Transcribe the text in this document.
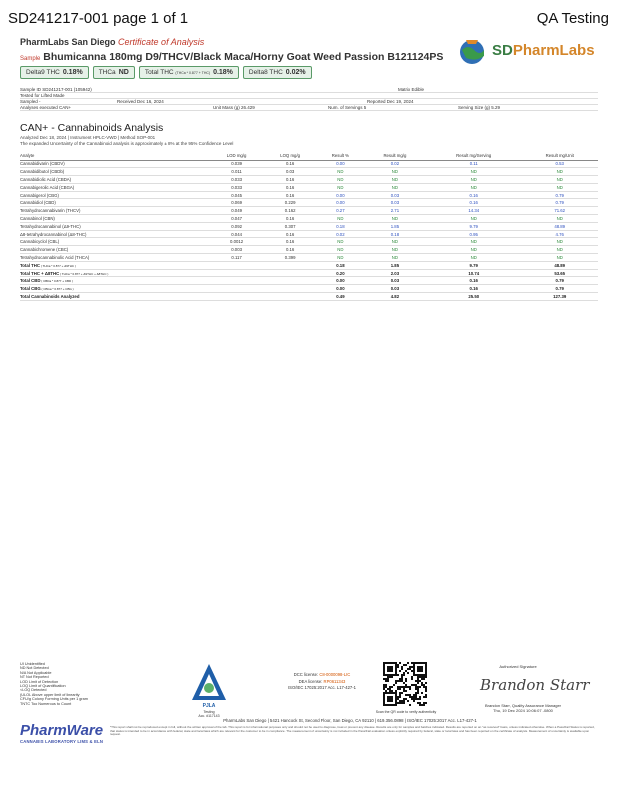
SD241217-001 page 1 of 1	QA Testing
PharmLabs San Diego Certificate of Analysis
Sample Bhumicanna 180mg D9/THCV/Black Maca/Horny Goat Weed Passion B121124PS	SDPharmLabs
Delta9 THC 0.18%	THCa ND	Total THC (THCa * 0.877 + THC) 0.18%	Delta8 THC 0.02%
Sample ID SD241217-001 (105942)	Matrix Edible
Tested for Lifted Made
Sampled -	Received Dec 16, 2024	Reported Dec 19, 2024
Analyses executed CAN+	Unit Mass (g) 26.429	Num. of Servings 5	Serving Size (g) 5.29
CAN+ - Cannabinoids Analysis
Analyzed Dec 18, 2024 | Instrument HPLC-VWD | Method SOP-001
The expanded Uncertainty of the Cannabinoid analysis is approximately ± 8% at the 95% Confidence Level
Analyte	LOD mg/g	LOQ mg/g	Result %	Result mg/g	Result mg/Serving	Result mg/Unit
Cannabidivarin (CBDV)	0.039	0.16	0.00	0.02	0.11	0.53
Cannabidibutol (CBDb)	0.011	0.03	ND	ND	ND	ND
Cannabidiolic Acid (CBDA)	0.033	0.16	ND	ND	ND	ND
Cannabigerolic Acid (CBGA)	0.033	0.16	ND	ND	ND	ND
Cannabigerol (CBG)	0.045	0.16	0.00	0.03	0.16	0.79
Cannabidiol (CBD)	0.069	0.229	0.00	0.03	0.16	0.79
Tetrahydrocannabivarin (THCV)	0.049	0.162	0.27	2.71	14.34	71.62
Cannabinol (CBN)	0.047	0.16	ND	ND	ND	ND
Tetrahydrocannabinol (Δ9-THC)	0.092	0.307	0.18	1.85	9.79	48.89
Δ8-tetrahydrocannabinol (Δ8-THC)	0.044	0.16	0.02	0.18	0.95	4.76
Cannabicyclol (CBL)	0.0012	0.16	ND	ND	ND	ND
Cannabichromene (CBC)	0.003	0.16	ND	ND	ND	ND
Tetrahydrocannabinolic Acid (THCA)	0.117	0.399	ND	ND	ND	ND
Total THC ( THCa * 0.877 + Δ9THC )			0.18	1.85	9.79	48.89
Total THC + Δ8THC ( THCa * 0.877 + Δ9THC + Δ8THC )			0.20	2.03	10.74	53.65
Total CBD ( CBDa * 0.877 + CBD )			0.00	0.03	0.16	0.79
Total CBG ( CBGa * 0.877 + CBG )			0.00	0.03	0.16	0.79
Total Cannabinoids Analyzed			0.49	4.82	25.50	127.39
UI Unidentified
ND Not Detected
N/A Not Applicable
NT Not Reported
LOD Limit of Detection
LOQ Limit of Quantification
<LOQ Detected
(ULOL Above upper limit of linearity
CFU/g Colony Forming Units per 1 gram
TNTC Too Numerous to Count
PharmWare
CANNABIS LABORATORY LIMS & ELN
PJLA
Testing
Acc. #117143
DCC license: C8-0000098-LIC
DEA license: RP0611343
ISO/IEC 17025:2017 Acc. L17-427-1
Scan the QR code to verify authenticity
Authorized Signature
Brandon Starr
Brandon Starr, Quality Assurance Manager
Thu, 19 Dec 2024 10:06:07 -0800
PharmLabs San Diego | 5421 Hancock St, Second Floor, San Diego, CA 92110 | 619.356.0898 | ISO/IEC 17025:2017 Acc. L17-427-1
*This report shall not be reproduced except in full, without the written approval of the lab. This report is for informational purposes only and should not be used to diagnose, treat or prevent any disease. Results are only for samples and batches indicated. Results are reported on an "as received" basis, unless indicated otherwise. When a Pass/Fail Status is reported, that status is intended to be in accordance with federal, state and local laws which are relevant for the customer to be in compliance. The measurement of uncertainty is not included in the Pass/Fail evaluation unless explicitly required by federal, state or local laws and has been reported on the certificate of analysis. Measurement of uncertainty is available upon request.
